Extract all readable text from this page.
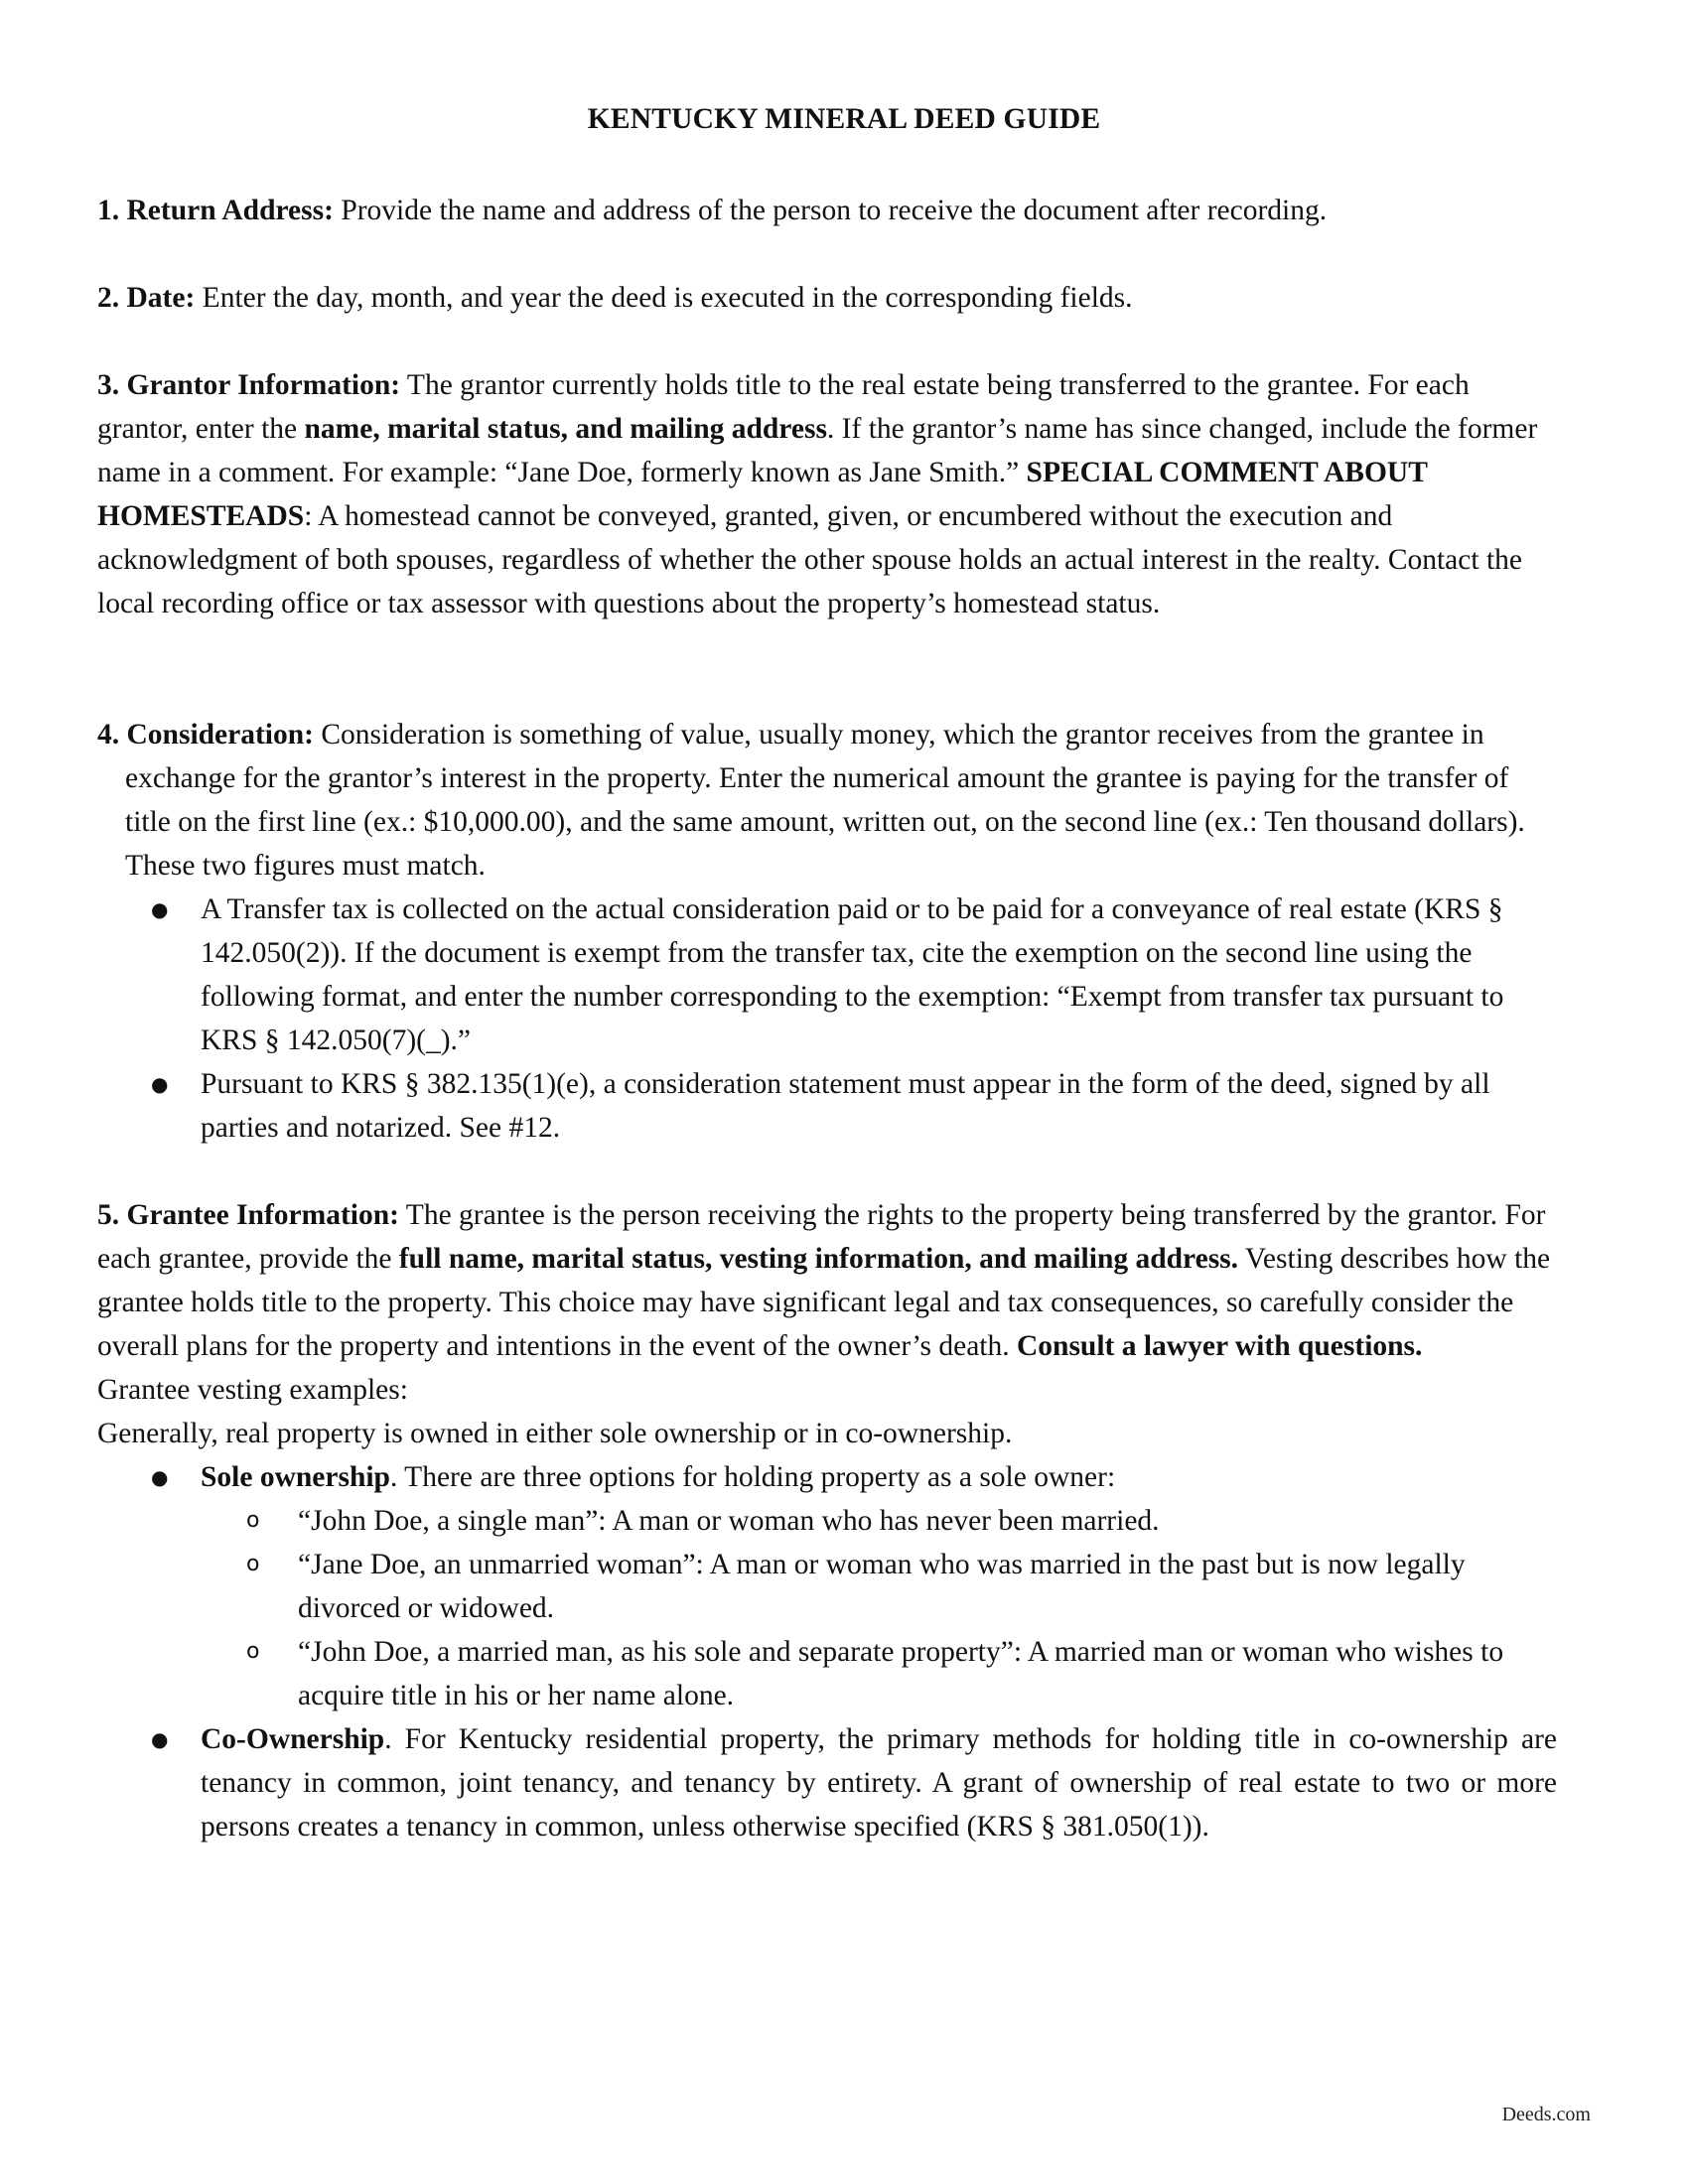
KENTUCKY MINERAL DEED GUIDE

1. Return Address: Provide the name and address of the person to receive the document after recording.

2. Date: Enter the day, month, and year the deed is executed in the corresponding fields.

3. Grantor Information: The grantor currently holds title to the real estate being transferred to the grantee. For each grantor, enter the name, marital status, and mailing address. If the grantor’s name has since changed, include the former name in a comment. For example: “Jane Doe, formerly known as Jane Smith.” SPECIAL COMMENT ABOUT HOMESTEADS: A homestead cannot be conveyed, granted, given, or encumbered without the execution and acknowledgment of both spouses, regardless of whether the other spouse holds an actual interest in the realty. Contact the local recording office or tax assessor with questions about the property’s homestead status.

4. Consideration: Consideration is something of value, usually money, which the grantor receives from the grantee in exchange for the grantor’s interest in the property. Enter the numerical amount the grantee is paying for the transfer of title on the first line (ex.: $10,000.00), and the same amount, written out, on the second line (ex.: Ten thousand dollars). These two figures must match.

● A Transfer tax is collected on the actual consideration paid or to be paid for a conveyance of real estate (KRS § 142.050(2)). If the document is exempt from the transfer tax, cite the exemption on the second line using the following format, and enter the number corresponding to the exemption: “Exempt from transfer tax pursuant to KRS § 142.050(7)(_).”
● Pursuant to KRS § 382.135(1)(e), a consideration statement must appear in the form of the deed, signed by all parties and notarized. See #12.

5. Grantee Information: The grantee is the person receiving the rights to the property being transferred by the grantor. For each grantee, provide the full name, marital status, vesting information, and mailing address. Vesting describes how the grantee holds title to the property. This choice may have significant legal and tax consequences, so carefully consider the overall plans for the property and intentions in the event of the owner’s death. Consult a lawyer with questions.

Grantee vesting examples:

Generally, real property is owned in either sole ownership or in co-ownership.

● Sole ownership. There are three options for holding property as a sole owner:
o “John Doe, a single man”: A man or woman who has never been married.
o “Jane Doe, an unmarried woman”: A man or woman who was married in the past but is now legally divorced or widowed.
o “John Doe, a married man, as his sole and separate property”: A married man or woman who wishes to acquire title in his or her name alone.
● Co-Ownership. For Kentucky residential property, the primary methods for holding title in co-ownership are tenancy in common, joint tenancy, and tenancy by entirety. A grant of ownership of real estate to two or more persons creates a tenancy in common, unless otherwise specified (KRS § 381.050(1)).
Deeds.com
